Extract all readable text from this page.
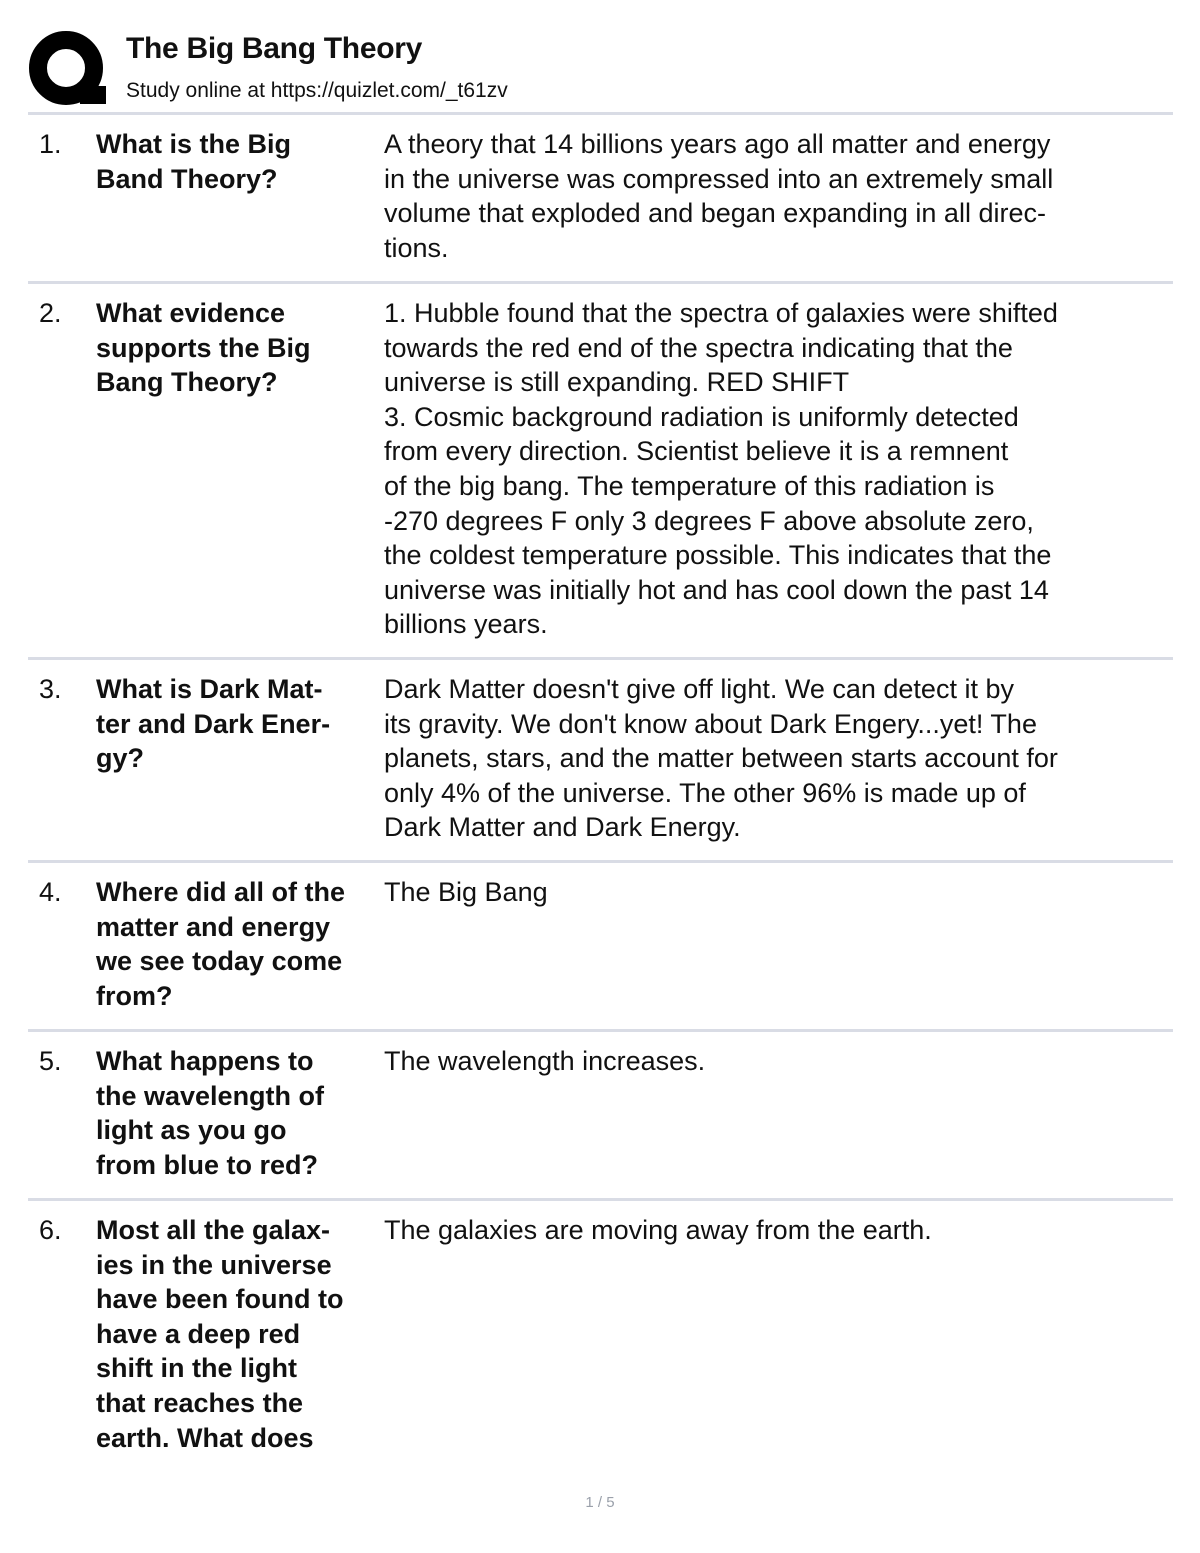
The Big Bang Theory
Study online at https://quizlet.com/_t61zv
1. What is the Big
Band Theory?
A theory that 14 billions years ago all matter and energy
in the universe was compressed into an extremely small
volume that exploded and began expanding in all direc-
tions.
2. What evidence
supports the Big
Bang Theory?
1. Hubble found that the spectra of galaxies were shifted
towards the red end of the spectra indicating that the
universe is still expanding. RED SHIFT
3. Cosmic background radiation is uniformly detected
from every direction. Scientist believe it is a remnent
of the big bang. The temperature of this radiation is
-270 degrees F only 3 degrees F above absolute zero,
the coldest temperature possible. This indicates that the
universe was initially hot and has cool down the past 14
billions years.
3. What is Dark Mat-
ter and Dark Ener-
gy?
Dark Matter doesn't give off light. We can detect it by
its gravity. We don't know about Dark Engery...yet! The
planets, stars, and the matter between starts account for
only 4% of the universe. The other 96% is made up of
Dark Matter and Dark Energy.
4. Where did all of the
matter and energy
we see today come
from?
The Big Bang
5. What happens to
the wavelength of
light as you go
from blue to red?
The wavelength increases.
6. Most all the galax-
ies in the universe
have been found to
have a deep red
shift in the light
that reaches the
earth. What does
The galaxies are moving away from the earth.
1 / 5
